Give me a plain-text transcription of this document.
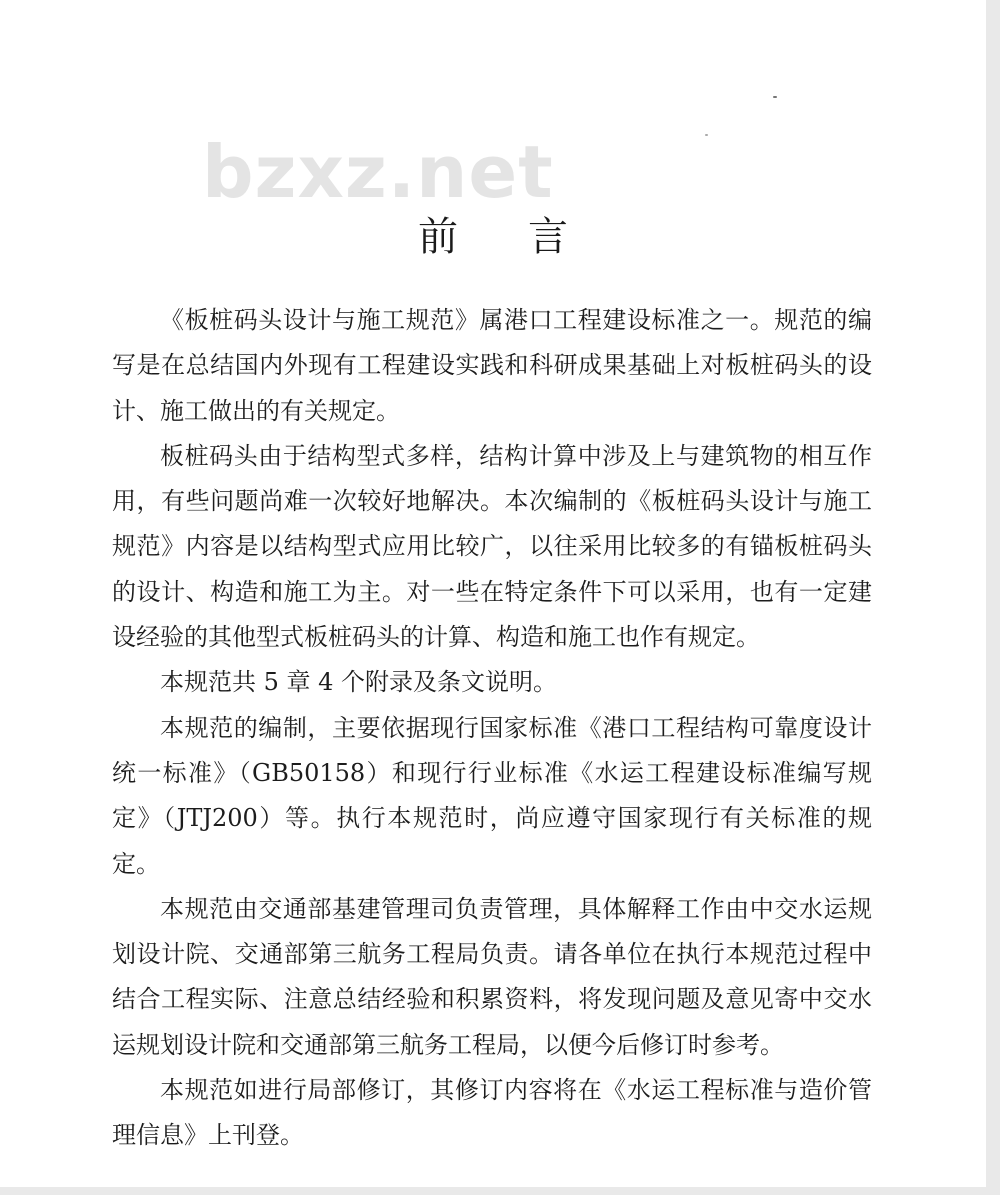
bzxz.net
前 言

《板桩码头设计与施工规范》属港口工程建设标准之一。规范的编写是在总结国内外现有工程建设实践和科研成果基础上对板桩码头的设计、施工做出的有关规定。

板桩码头由于结构型式多样，结构计算中涉及上与建筑物的相互作用，有些问题尚难一次较好地解决。本次编制的《板桩码头设计与施工规范》内容是以结构型式应用比较广，以往采用比较多的有锚板桩码头的设计、构造和施工为主。对一些在特定条件下可以采用，也有一定建设经验的其他型式板桩码头的计算、构造和施工也作有规定。

本规范共 5 章 4 个附录及条文说明。

本规范的编制，主要依据现行国家标准《港口工程结构可靠度设计统一标准》（GB50158）和现行行业标准《水运工程建设标准编写规定》（JTJ200）等。执行本规范时，尚应遵守国家现行有关标准的规定。

本规范由交通部基建管理司负责管理，具体解释工作由中交水运规划设计院、交通部第三航务工程局负责。请各单位在执行本规范过程中结合工程实际、注意总结经验和积累资料，将发现问题及意见寄中交水运规划设计院和交通部第三航务工程局，以便今后修订时参考。

本规范如进行局部修订，其修订内容将在《水运工程标准与造价管理信息》上刊登。
